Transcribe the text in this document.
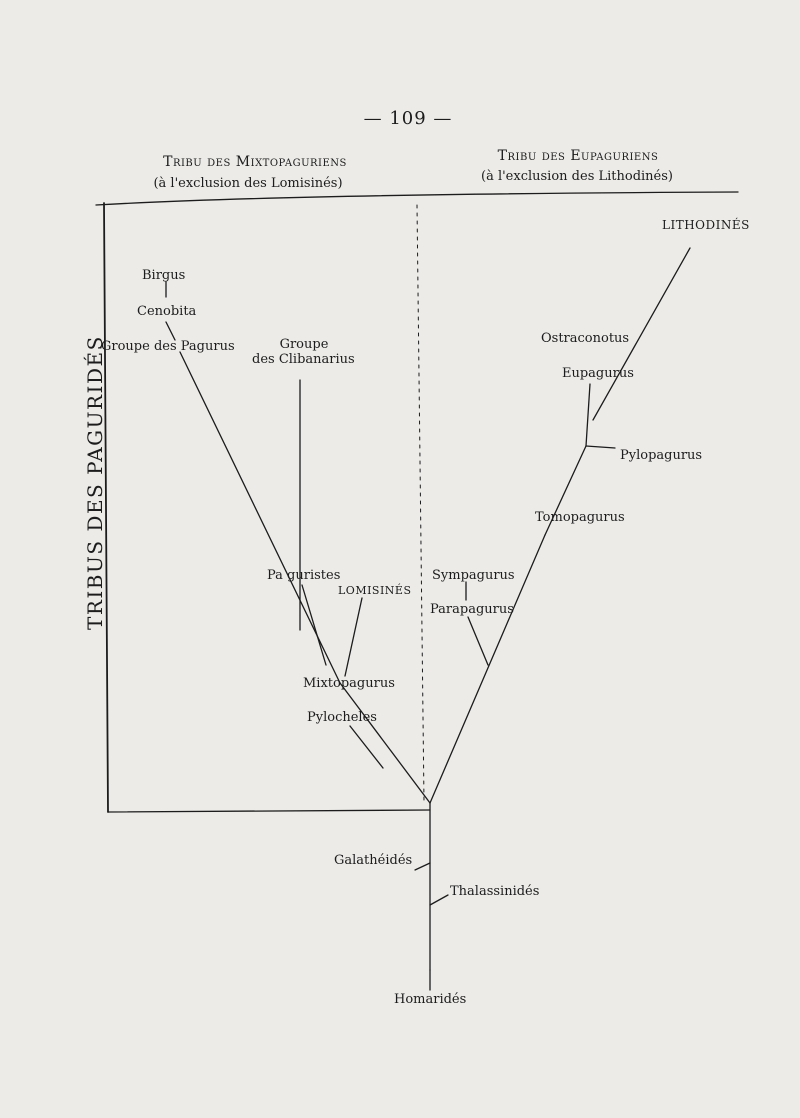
— 109 —
Tribu des Mixtopaguriens
(à l'exclusion des Lomisinés)
Tribu des Eupaguriens
(à l'exclusion des Lithodinés)
TRIBUS DES PAGURIDÉS
LITHODINÉS
Birgus
Cenobita
Groupe des Pagurus	Groupe
des Clibanarius
Ostraconotus
Eupagurus
Pylopagurus
Tomopagurus
Pa guristes
LOMISINÉS
Sympagurus
Parapagurus
Mixtopagurus
Pylocheles
Galathéidés
Thalassinidés
Homaridés
